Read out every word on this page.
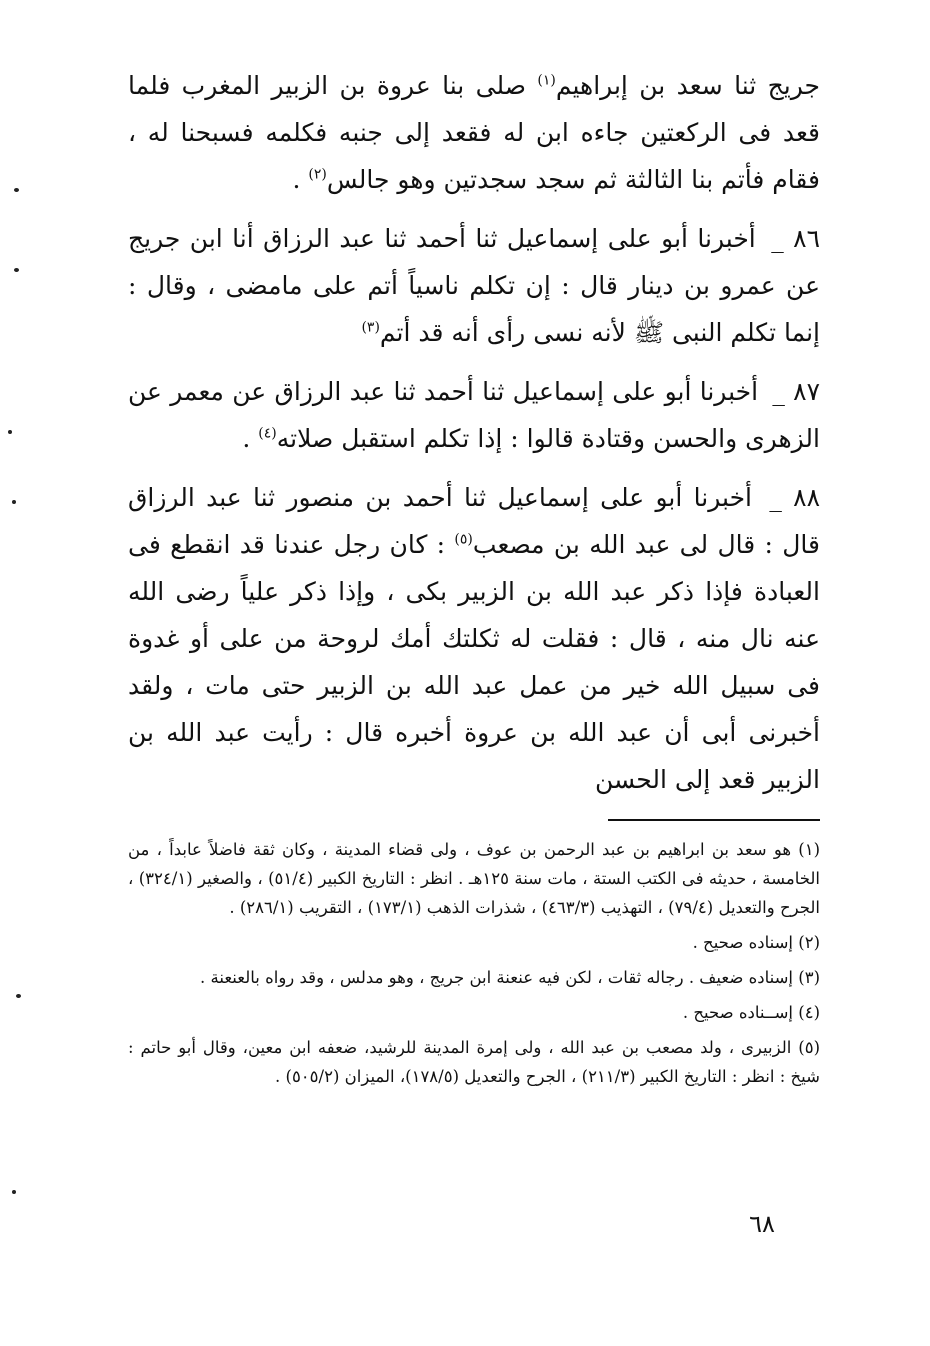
جريج ثنا سعد بن إبراهيم$^{(١)}$ صلى بنا عروة بن الزبير المغرب فلما قعد فى الركعتين جاءه ابن له فقعد إلى جنبه فكلمه فسبحنا له ، فقام فأتم بنا الثالثة ثم سجد سجدتين وهو جالس$^{(٢)}$ .

٨٦ _ أخبرنا أبو على إسماعيل ثنا أحمد ثنا عبد الرزاق أنا ابن جريج عن عمرو بن دينار قال : إن تكلم ناسياً أتم على مامضى ، وقال : إنما تكلم النبى ﷺ لأنه نسى رأى أنه قد أتم$^{(٣)}$

٨٧ _ أخبرنا أبو على إسماعيل ثنا أحمد ثنا عبد الرزاق عن معمر عن الزهرى والحسن وقتادة قالوا : إذا تكلم استقبل صلاته$^{(٤)}$ .

٨٨ _ أخبرنا أبو على إسماعيل ثنا أحمد بن منصور ثنا عبد الرزاق قال : قال لى عبد الله بن مصعب$^{(٥)}$ : كان رجل عندنا قد انقطع فى العبادة فإذا ذكر عبد الله بن الزبير بكى ، وإذا ذكر علياً رضى الله عنه نال منه ، قال : فقلت له ثكلتك أمك لروحة من على أو غدوة فى سبيل الله خير من عمل عبد الله بن الزبير حتى مات ، ولقد أخبرنى أبى أن عبد الله بن عروة أخبره قال : رأيت عبد الله بن الزبير قعد إلى الحسن

(١) هو سعد بن ابراهيم بن عبد الرحمن بن عوف ، ولى قضاء المدينة ، وكان ثقة فاضلاً عابداً ، من الخامسة ، حديثه فى الكتب الستة ، مات سنة ١٢٥هـ . انظر : التاريخ الكبير (٥١/٤) ، والصغير (٣٢٤/١) ، الجرح والتعديل (٧٩/٤) ، التهذيب (٤٦٣/٣) ، شذرات الذهب (١٧٣/١) ، التقريب (٢٨٦/١) .
(٢) إسناده صحيح .
(٣) إسناده ضعيف . رجاله ثقات ، لكن فيه عنعنة ابن جريج ، وهو مدلس ، وقد رواه بالعنعنة .
(٤) إســناده صحيح .
(٥) الزبيرى ، ولد مصعب بن عبد الله ، ولى إمرة المدينة للرشيد، ضعفه ابن معين، وقال أبو حاتم : شيخ : انظر : التاريخ الكبير (٢١١/٣) ، الجرح والتعديل (١٧٨/٥)، الميزان (٥٠٥/٢) .
٦٨
